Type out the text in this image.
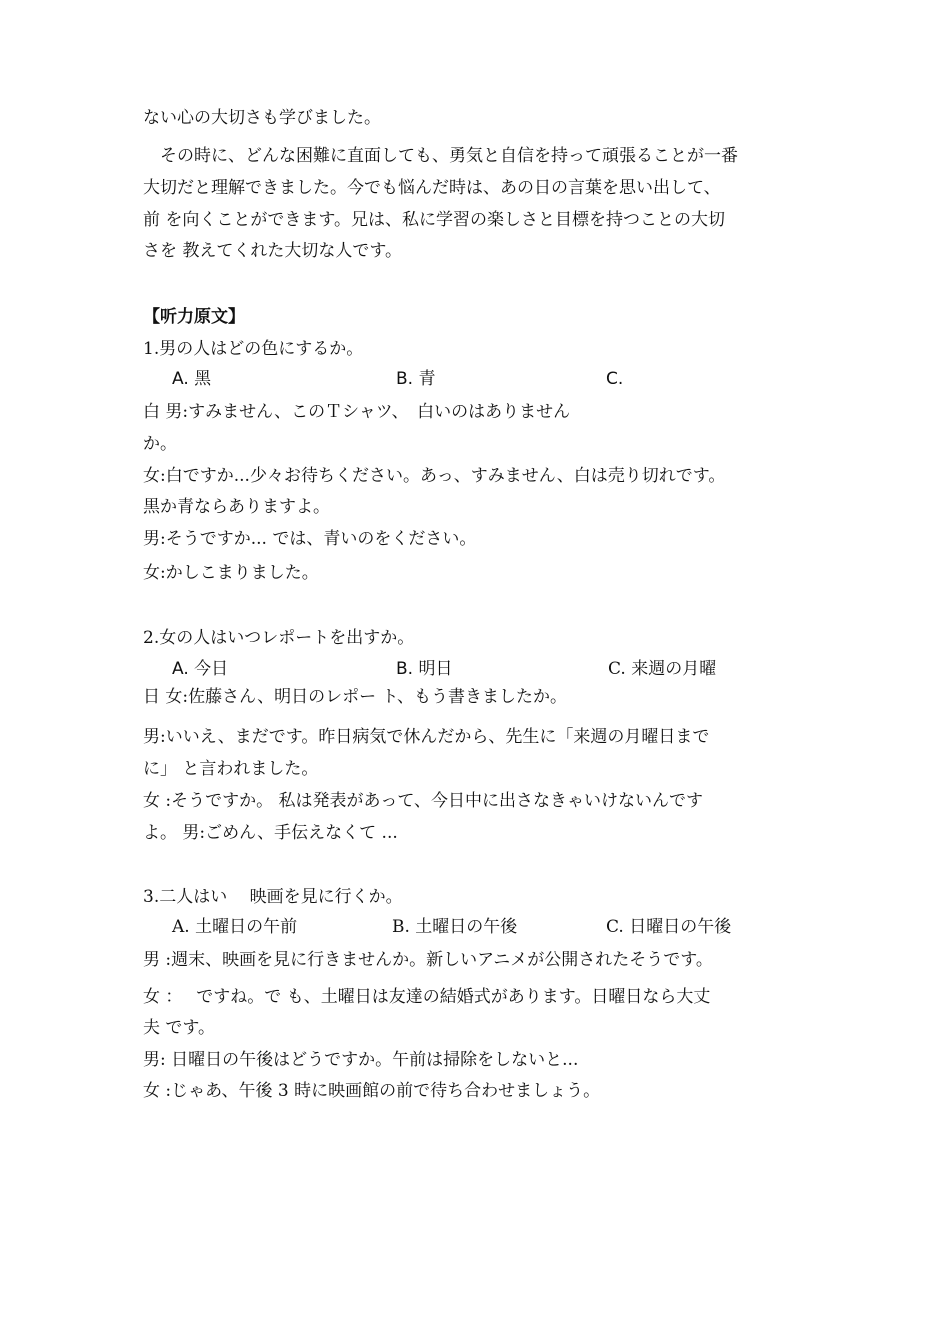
ない心の大切さも学びました。
　その時に、どんな困難に直面しても、勇気と自信を持って頑張ることが一番
大切だと理解できました。今でも悩んだ時は、あの日の言葉を思い出して、
前 を向くことができます。兄は、私に学習の楽しさと目標を持つことの大切
さを 教えてくれた大切な人です。
【听力原文】
1.男の人はどの色にするか。
A. 黑	B. 青	C.
白 男:すみません、このＴシャツ、　白いのはありません
か。
女:白ですか...少々お待ちください。あっ、すみません、白は売り切れです。
黒か青ならありますよ。
男:そうですか... では、青いのをください。
女:かしこまりました。
2.女の人はいつレポートを出すか。
A. 今日	B. 明日	C. 来週の月曜
日 女:佐藤さん、明日のレポー ト、もう書きましたか。
男:いいえ、まだです。昨日病気で休んだから、先生に「来週の月曜日まで
に」 と言われました。
女 :そうですか。 私は発表があって、今日中に出さなきゃいけないんです
よ。 男:ごめん、手伝えなくて ...
3.二人はい　 映画を見に行くか。
A. 土曜日の午前	B. 土曜日の午後	C. 日曜日の午後
男 :週末、映画を見に行きませんか。新しいアニメが公開されたそうです。
女 ：　 ですね。で も、土曜日は友達の結婚式があります。日曜日なら大丈
夫 です。
男: 日曜日の午後はどうですか。午前は掃除をしないと...
女 :じゃあ、午後 3 時に映画館の前で待ち合わせましょう。
